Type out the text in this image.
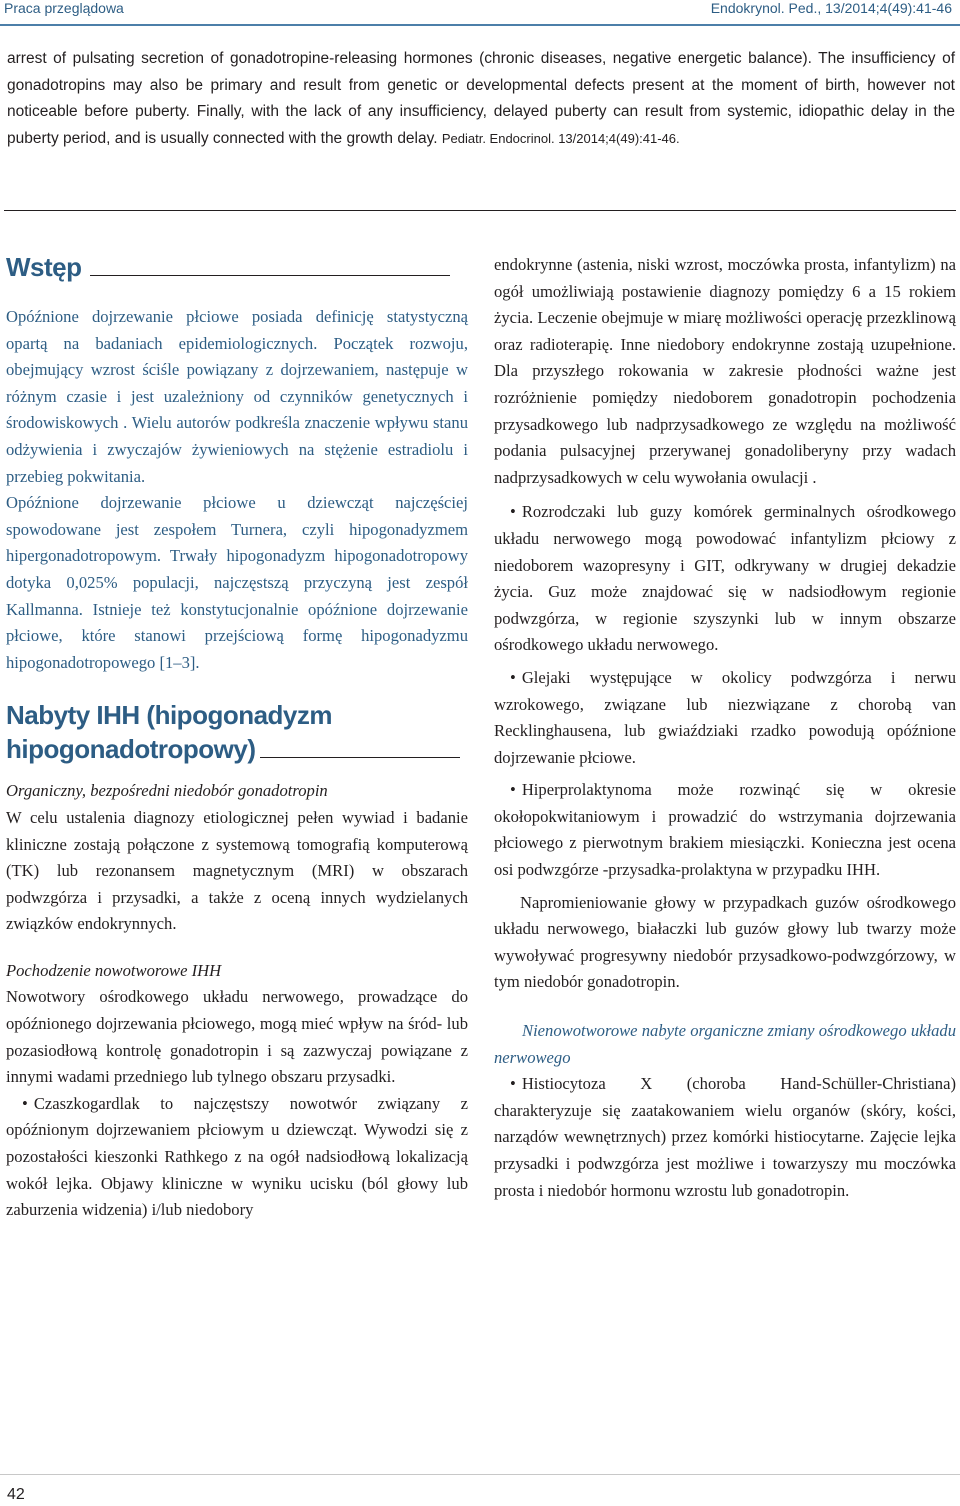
Praca przeglądowa	Endokrynol. Ped., 13/2014;4(49):41-46
arrest of pulsating secretion of gonadotropine-releasing hormones (chronic diseases, negative energetic balance). The insufficiency of gonadotropins may also be primary and result from genetic or developmental defects present at the moment of birth, however not noticeable before puberty. Finally, with the lack of any insufficiency, delayed puberty can result from systemic, idiopathic delay in the puberty period, and is usually connected with the growth delay. Pediatr. Endocrinol. 13/2014;4(49):41-46.
Wstęp

Opóźnione dojrzewanie płciowe posiada definicję statystyczną opartą na badaniach epidemiologicznych. Początek rozwoju, obejmujący wzrost ściśle powiązany z dojrzewaniem, następuje w różnym czasie i jest uzależniony od czynników genetycznych i środowiskowych . Wielu autorów podkreśla znaczenie wpływu stanu odżywienia i zwyczajów żywieniowych na stężenie estradiolu i przebieg pokwitania.

Opóźnione dojrzewanie płciowe u dziewcząt najczęściej spowodowane jest zespołem Turnera, czyli hipogonadyzmem hipergonadotropowym. Trwały hipogonadyzm hipogonadotropowy dotyka 0,025% populacji, najczęstszą przyczyną jest zespół Kallmanna. Istnieje też konstytucjonalnie opóźnione dojrzewanie płciowe, które stanowi przejściową formę hipogonadyzmu hipogonadotropowego [1–3].

Nabyty IHH (hipogonadyzm
hipogonadotropowy)

Organiczny, bezpośredni niedobór gonadotropin

W celu ustalenia diagnozy etiologicznej pełen wywiad i badanie kliniczne zostają połączone z systemową tomografią komputerową (TK) lub rezonansem magnetycznym (MRI) w obszarach podwzgórza i przysadki, a także z oceną innych wydzielanych związków endokrynnych.

Pochodzenie nowotworowe IHH

Nowotwory ośrodkowego układu nerwowego, prowadzące do opóźnionego dojrzewania płciowego, mogą mieć wpływ na śród- lub pozasiodłową kontrolę gonadotropin i są zazwyczaj powiązane z innymi wadami przedniego lub tylnego obszaru przysadki.

• Czaszkogardlak to najczęstszy nowotwór związany z opóźnionym dojrzewaniem płciowym u dziewcząt. Wywodzi się z pozostałości kieszonki Rathkego z na ogół nadsiodłową lokalizacją wokół lejka. Objawy kliniczne w wyniku ucisku (ból głowy lub zaburzenia widzenia) i/lub niedobory

endokrynne (astenia, niski wzrost, moczówka prosta, infantylizm) na ogół umożliwiają postawienie diagnozy pomiędzy 6 a 15 rokiem życia. Leczenie obejmuje w miarę możliwości operację przezklinową oraz radioterapię. Inne niedobory endokrynne zostają uzupełnione. Dla przyszłego rokowania w zakresie płodności ważne jest rozróżnienie pomiędzy niedoborem gonadotropin pochodzenia przysadkowego lub nadprzysadkowego ze względu na możliwość podania pulsacyjnej przerywanej gonadoliberyny przy wadach nadprzysadkowych w celu wywołania owulacji .

• Rozrodczaki lub guzy komórek germinalnych ośrodkowego układu nerwowego mogą powodować infantylizm płciowy z niedoborem wazopresyny i GIT, odkrywany w drugiej dekadzie życia. Guz może znajdować się w nadsiodłowym regionie podwzgórza, w regionie szyszynki lub w innym obszarze ośrodkowego układu nerwowego.

• Glejaki występujące w okolicy podwzgórza i nerwu wzrokowego, związane lub niezwiązane z chorobą van Recklinghausena, lub gwiaździaki rzadko powodują opóźnione dojrzewanie płciowe.

• Hiperprolaktynoma może rozwinąć się w okresie okołopokwitaniowym i prowadzić do wstrzymania dojrzewania płciowego z pierwotnym brakiem miesiączki. Konieczna jest ocena osi podwzgórze -przysadka-prolaktyna w przypadku IHH.

Napromieniowanie głowy w przypadkach guzów ośrodkowego układu nerwowego, białaczki lub guzów głowy lub twarzy może wywoływać progresywny niedobór przysadkowo-podwzgórzowy, w tym niedobór gonadotropin.

Nienowotworowe nabyte organiczne zmiany ośrodkowego układu nerwowego

• Histiocytoza X (choroba Hand-Schüller-Christiana) charakteryzuje się zaatakowaniem wielu organów (skóry, kości, narządów wewnętrznych) przez komórki histiocytarne. Zajęcie lejka przysadki i podwzgórza jest możliwe i towarzyszy mu moczówka prosta i niedobór hormonu wzrostu lub gonadotropin.

42
